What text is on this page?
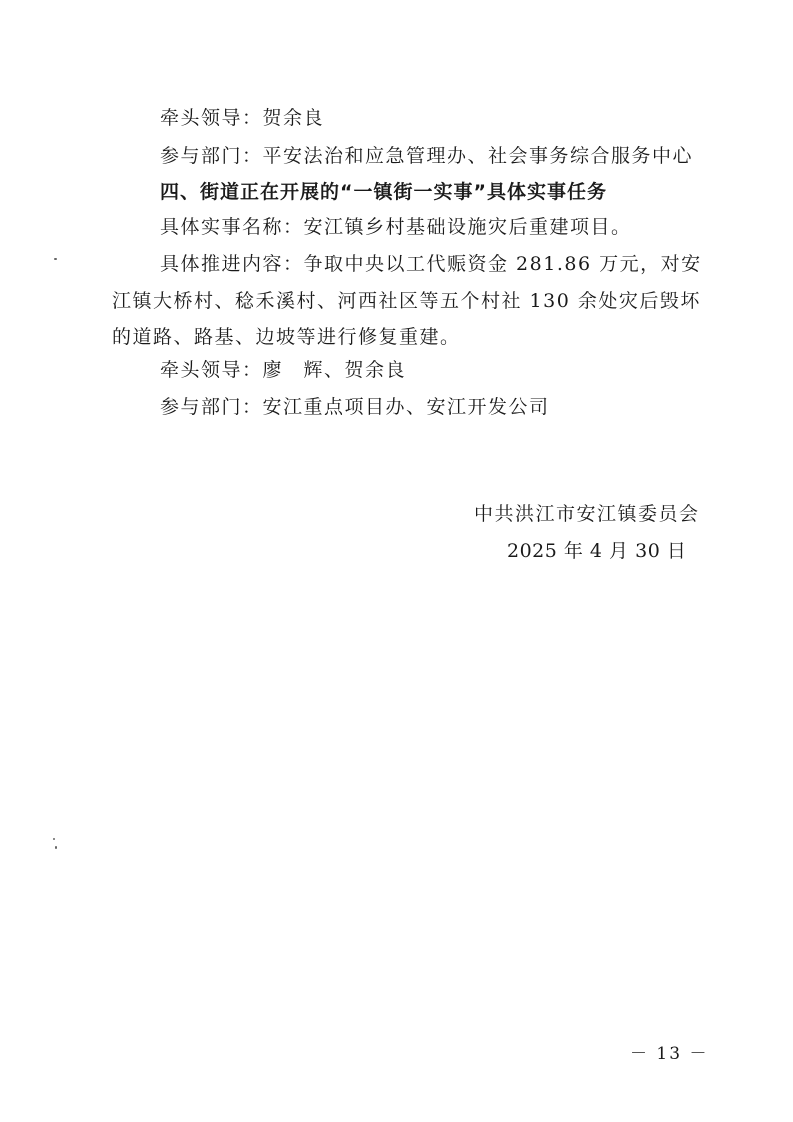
牵头领导：贺余良
参与部门：平安法治和应急管理办、社会事务综合服务中心
四、街道正在开展的“一镇街一实事”具体实事任务
具体实事名称：安江镇乡村基础设施灾后重建项目。
具体推进内容：争取中央以工代赈资金 281.86 万元，对安
江镇大桥村、稔禾溪村、河西社区等五个村社 130 余处灾后毁坏
的道路、路基、边坡等进行修复重建。
牵头领导：廖　辉、贺余良
参与部门：安江重点项目办、安江开发公司
中共洪江市安江镇委员会
2025 年 4 月 30 日
－ 13 －
